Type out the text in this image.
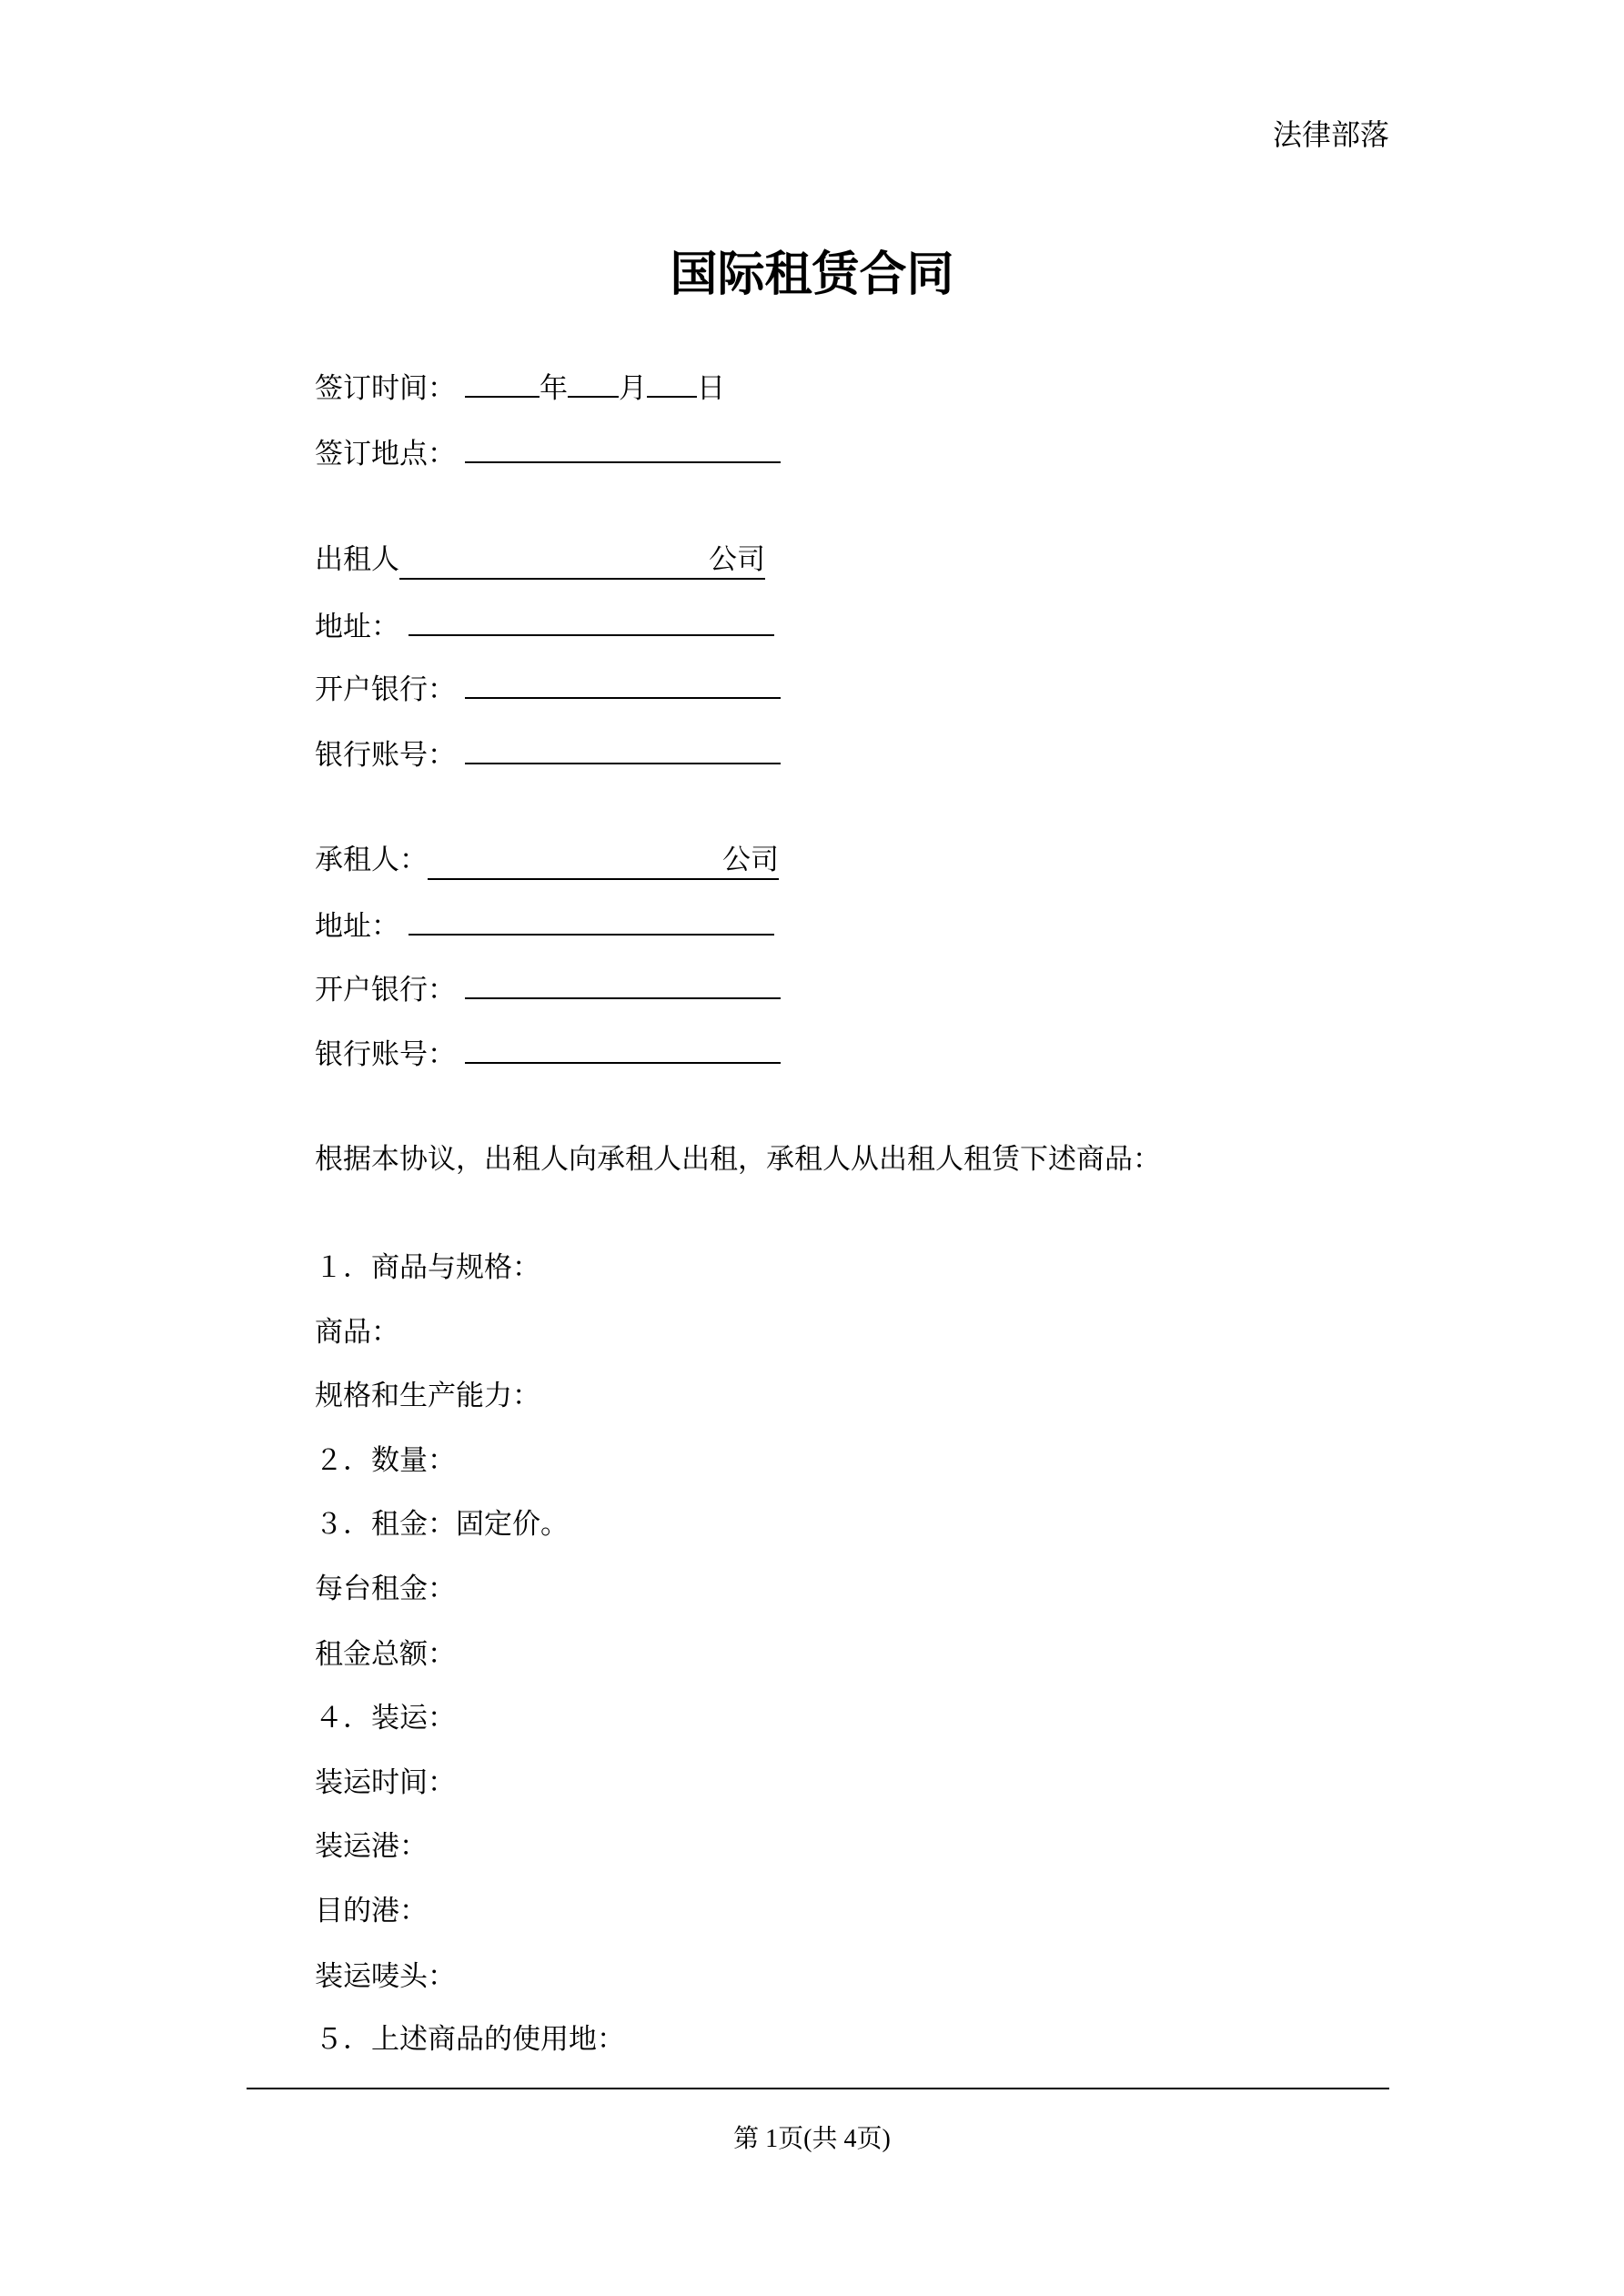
法律部落
国际租赁合同
签订时间：	年 月 日
签订地点：
出租人	公司
地址：
开户银行：
银行账号：
承租人：	公司
地址：
开户银行：
银行账号：
根据本协议，出租人向承租人出租，承租人从出租人租赁下述商品：
１．商品与规格：
商品：
规格和生产能力：
２．数量：
３．租金：固定价。
每台租金：
租金总额：
４．装运：
装运时间：
装运港：
目的港：
装运唛头：
５．上述商品的使用地：
第 1页(共 4页)
